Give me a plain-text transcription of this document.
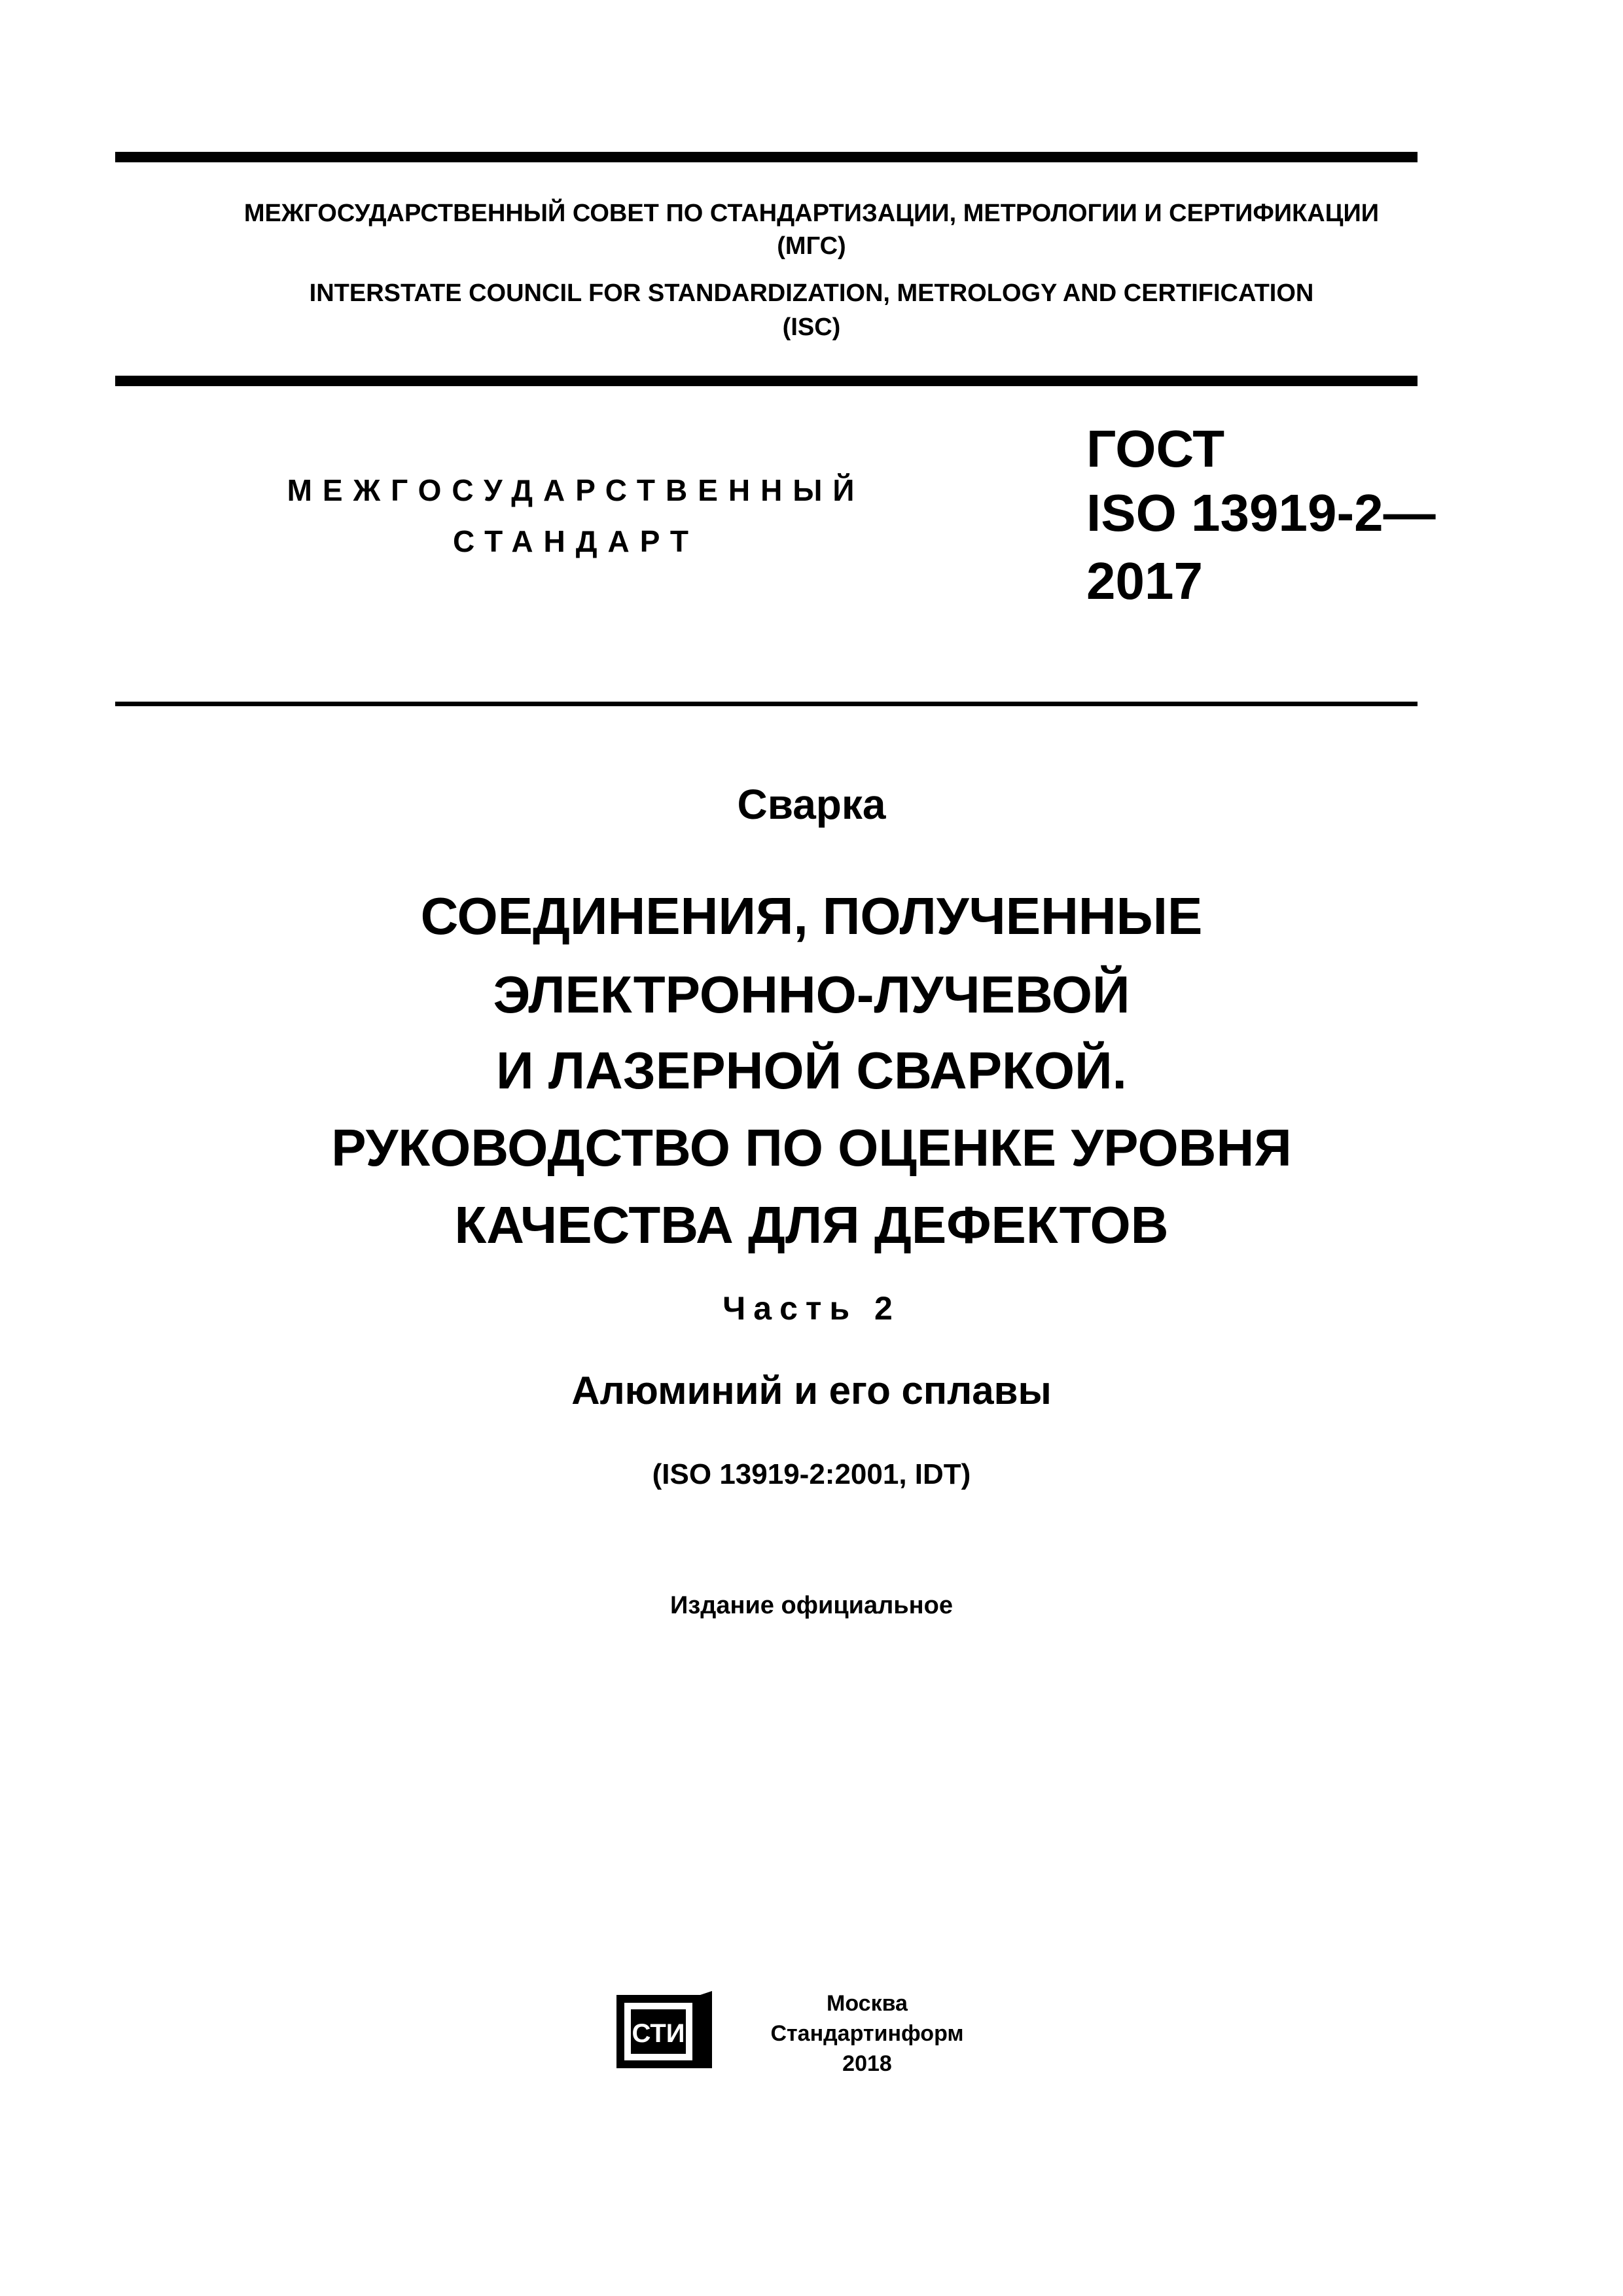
МЕЖГОСУДАРСТВЕННЫЙ СОВЕТ ПО СТАНДАРТИЗАЦИИ, МЕТРОЛОГИИ И СЕРТИФИКАЦИИ
(МГС)
INTERSTATE COUNCIL FOR STANDARDIZATION, METROLOGY AND CERTIFICATION
(ISC)
МЕЖГОСУДАРСТВЕННЫЙ
СТАНДАРТ
ГОСТ
ISO 13919-2—
2017
Сварка
СОЕДИНЕНИЯ, ПОЛУЧЕННЫЕ
ЭЛЕКТРОННО-ЛУЧЕВОЙ
И ЛАЗЕРНОЙ СВАРКОЙ.
РУКОВОДСТВО ПО ОЦЕНКЕ УРОВНЯ
КАЧЕСТВА ДЛЯ ДЕФЕКТОВ
Часть 2
Алюминий и его сплавы
(ISO 13919-2:2001, IDT)
Издание официальное
СТИ
Москва
Стандартинформ
2018
